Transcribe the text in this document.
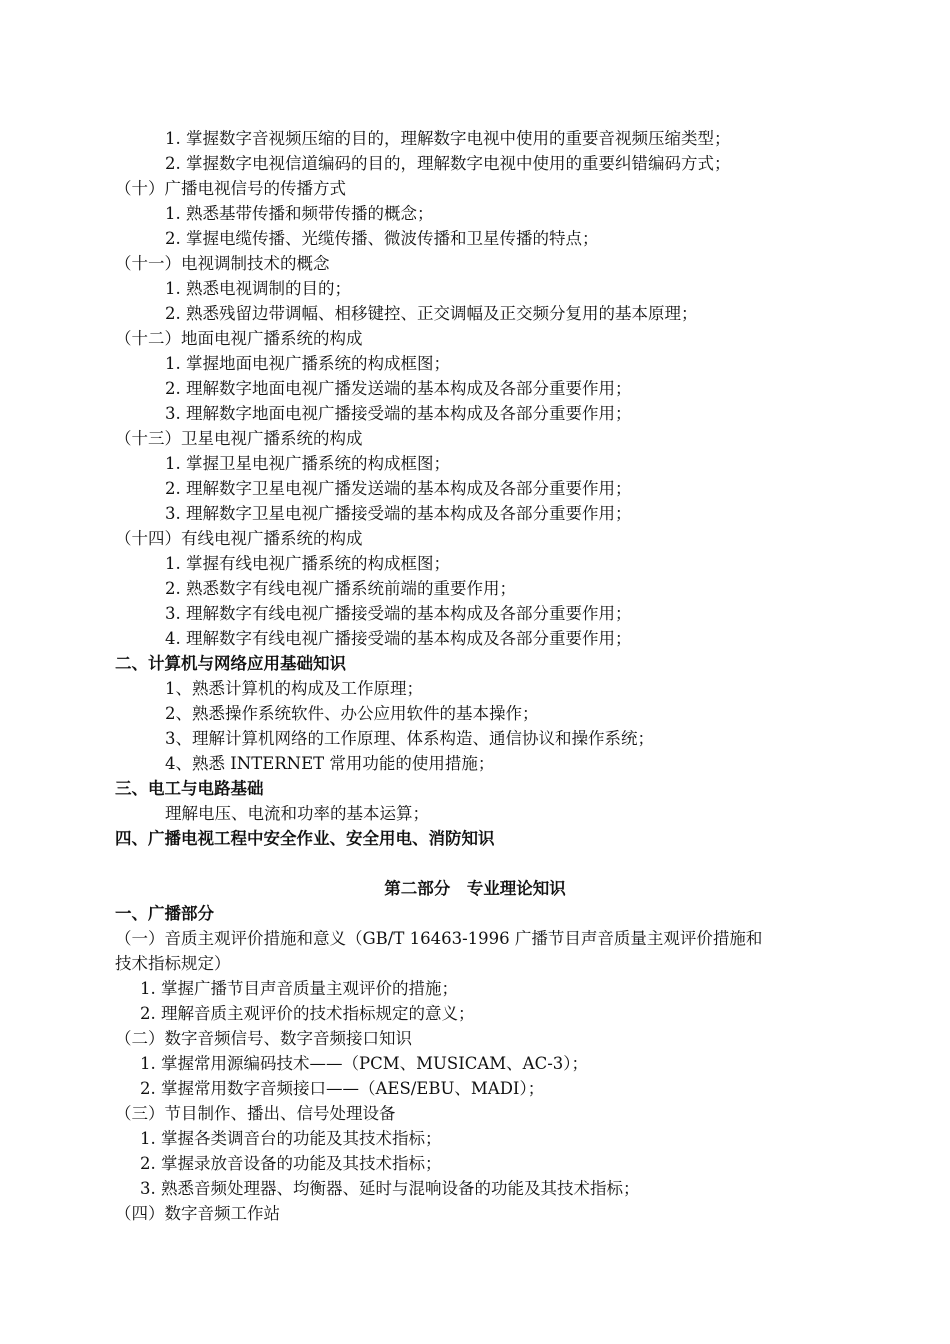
1. 掌握数字音视频压缩的目的，理解数字电视中使用的重要音视频压缩类型；
2. 掌握数字电视信道编码的目的，理解数字电视中使用的重要纠错编码方式；
（十）广播电视信号的传播方式
1. 熟悉基带传播和频带传播的概念；
2. 掌握电缆传播、光缆传播、微波传播和卫星传播的特点；
（十一）电视调制技术的概念
1. 熟悉电视调制的目的；
2. 熟悉残留边带调幅、相移键控、正交调幅及正交频分复用的基本原理；
（十二）地面电视广播系统的构成
1. 掌握地面电视广播系统的构成框图；
2. 理解数字地面电视广播发送端的基本构成及各部分重要作用；
3. 理解数字地面电视广播接受端的基本构成及各部分重要作用；
（十三）卫星电视广播系统的构成
1. 掌握卫星电视广播系统的构成框图；
2. 理解数字卫星电视广播发送端的基本构成及各部分重要作用；
3. 理解数字卫星电视广播接受端的基本构成及各部分重要作用；
（十四）有线电视广播系统的构成
1. 掌握有线电视广播系统的构成框图；
2. 熟悉数字有线电视广播系统前端的重要作用；
3. 理解数字有线电视广播接受端的基本构成及各部分重要作用；
4. 理解数字有线电视广播接受端的基本构成及各部分重要作用；
二、计算机与网络应用基础知识
1、熟悉计算机的构成及工作原理；
2、熟悉操作系统软件、办公应用软件的基本操作；
3、理解计算机网络的工作原理、体系构造、通信协议和操作系统；
4、熟悉 INTERNET 常用功能的使用措施；
三、电工与电路基础
理解电压、电流和功率的基本运算；
四、广播电视工程中安全作业、安全用电、消防知识
第二部分　专业理论知识
一、广播部分
（一）音质主观评价措施和意义（GB/T 16463-1996 广播节目声音质量主观评价措施和
技术指标规定）
1. 掌握广播节目声音质量主观评价的措施；
2. 理解音质主观评价的技术指标规定的意义；
（二）数字音频信号、数字音频接口知识
1. 掌握常用源编码技术——（PCM、MUSICAM、AC-3）；
2. 掌握常用数字音频接口——（AES/EBU、MADI）；
（三）节目制作、播出、信号处理设备
1. 掌握各类调音台的功能及其技术指标；
2. 掌握录放音设备的功能及其技术指标；
3. 熟悉音频处理器、均衡器、延时与混响设备的功能及其技术指标；
（四）数字音频工作站
